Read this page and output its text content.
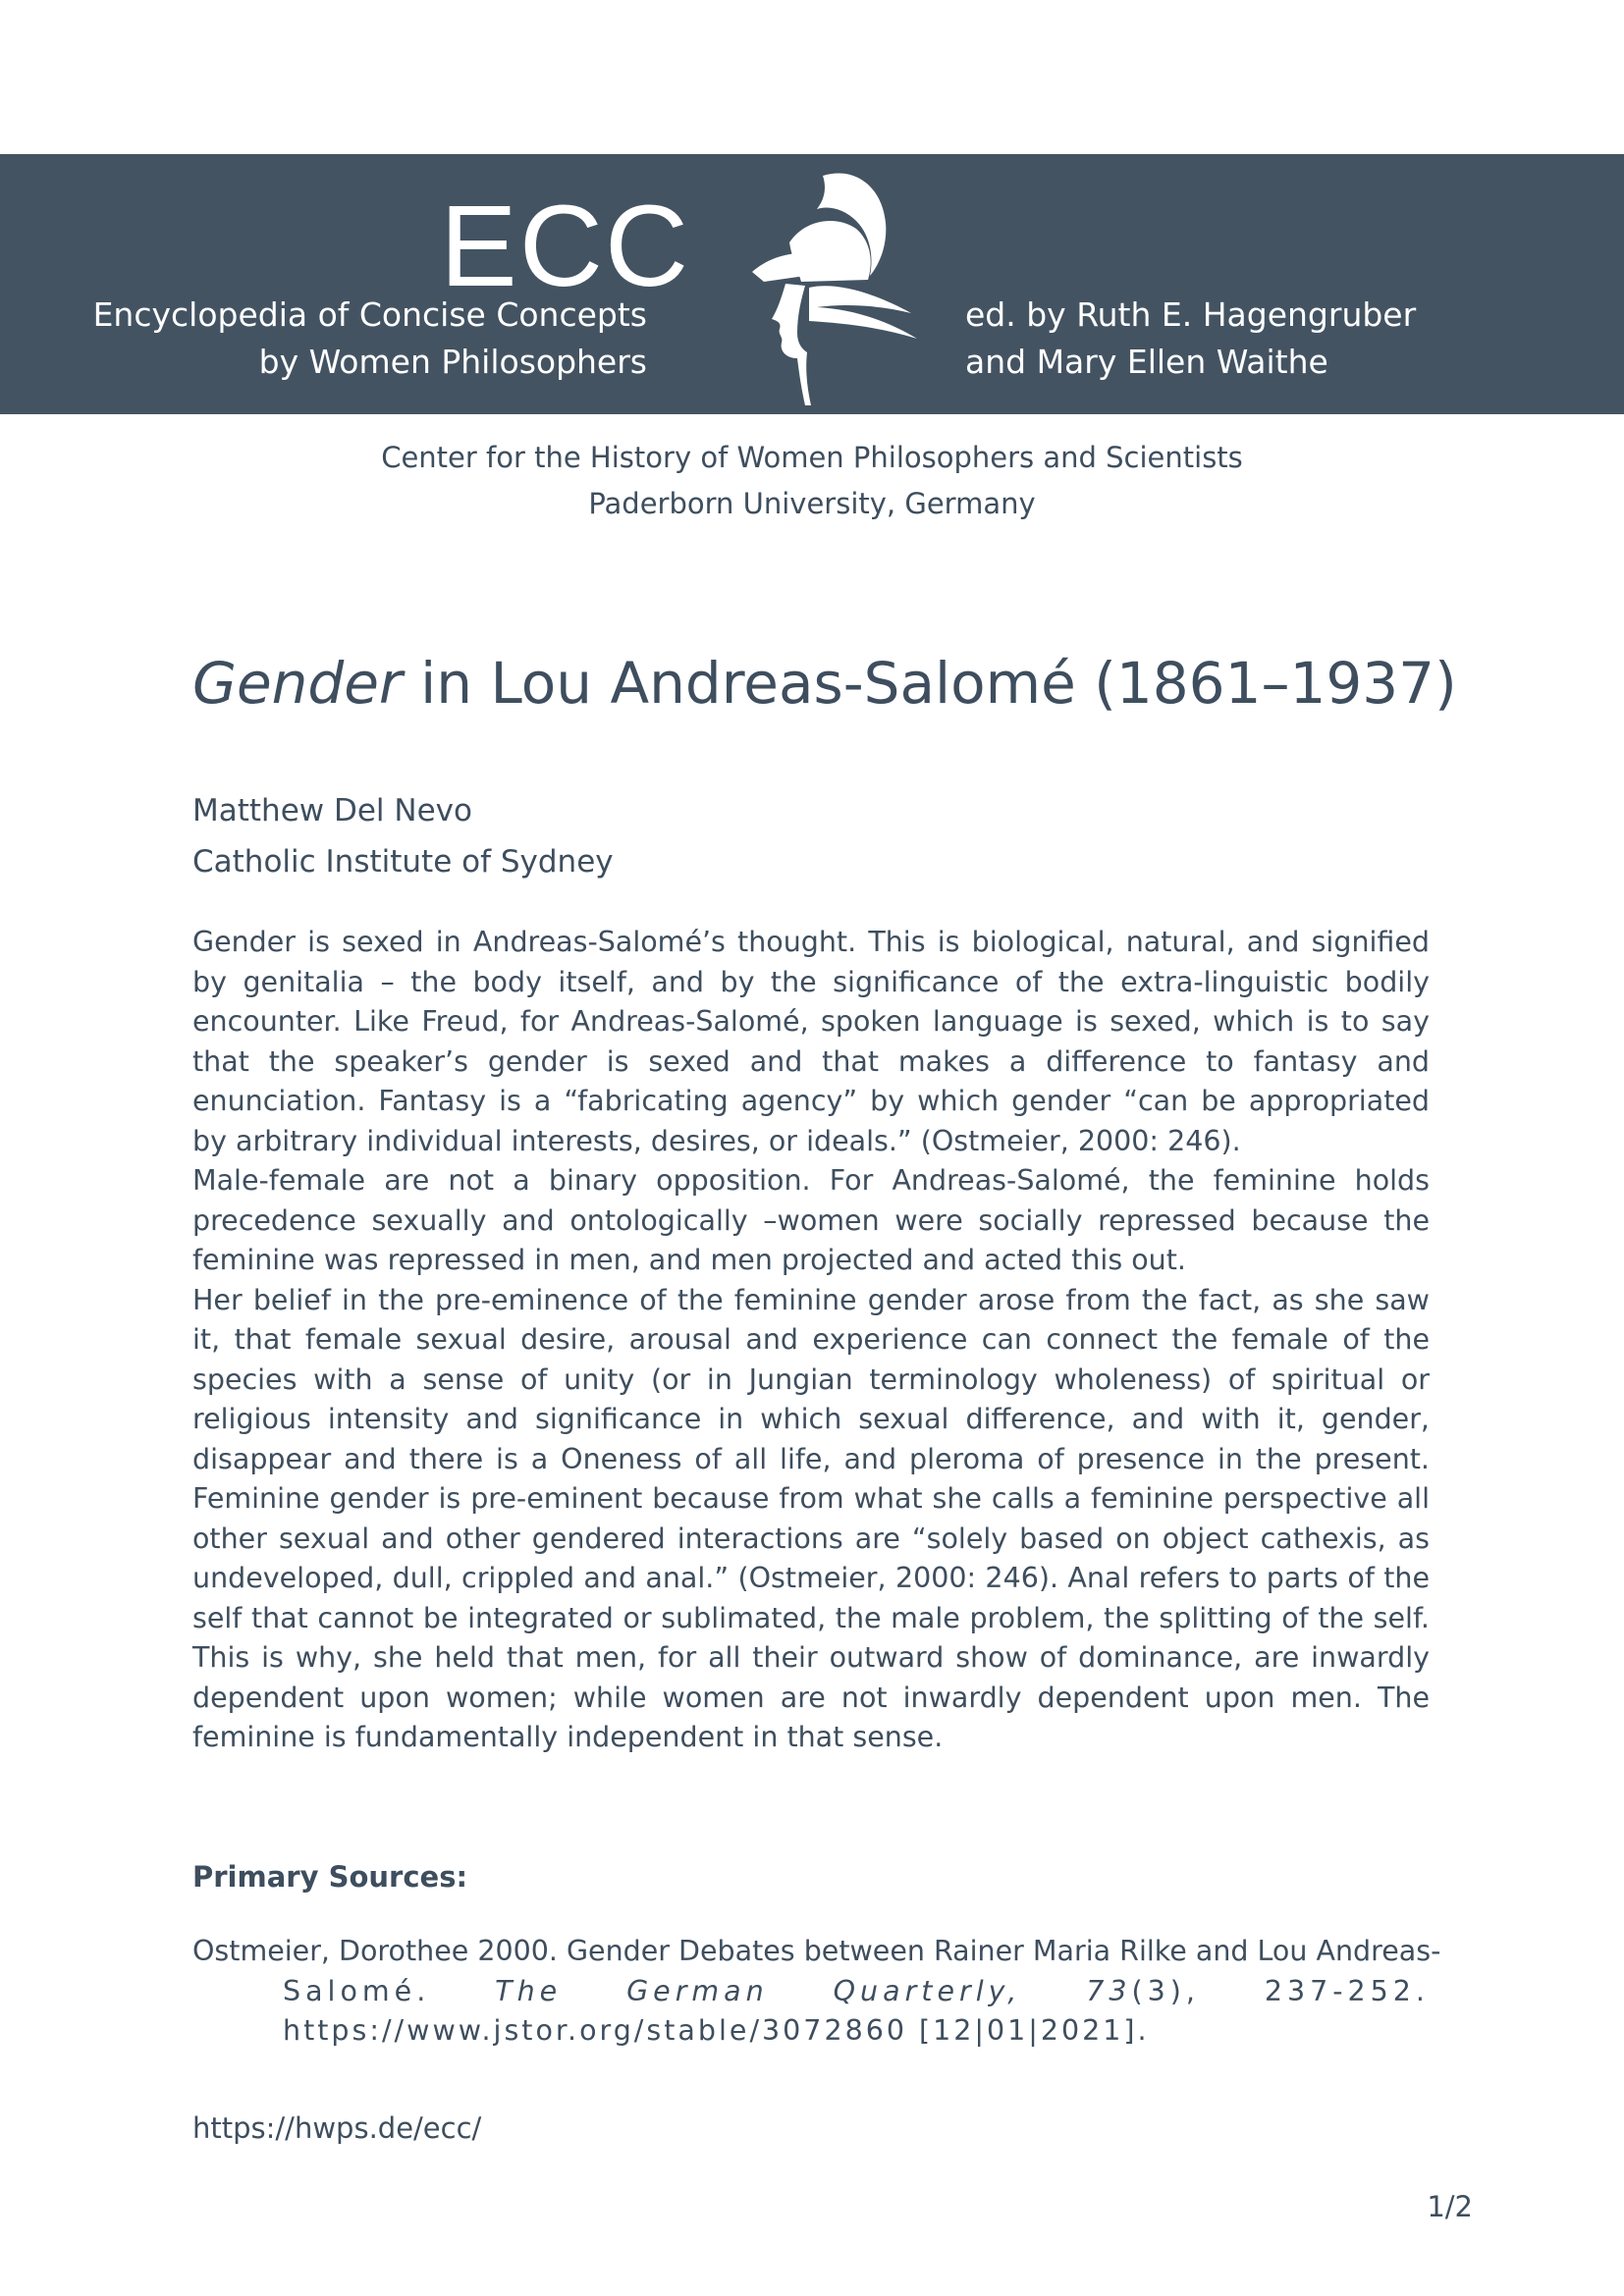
ECC
Encyclopedia of Concise Concepts
by Women Philosophers
ed. by Ruth E. Hagengruber
and Mary Ellen Waithe
Center for the History of Women Philosophers and Scientists
Paderborn University, Germany
Gender in Lou Andreas-Salomé (1861–1937)
Matthew Del Nevo
Catholic Institute of Sydney

Gender is sexed in Andreas-Salomé’s thought. This is biological, natural, and signified by genitalia – the body itself, and by the significance of the extra-linguistic bodily encounter. Like Freud, for Andreas-Salomé, spoken language is sexed, which is to say that the speaker’s gender is sexed and that makes a difference to fantasy and enunciation. Fantasy is a “fabricating agency” by which gender “can be appropriated by arbitrary individual interests, desires, or ideals.” (Ostmeier, 2000: 246).

Male-female are not a binary opposition. For Andreas-Salomé, the feminine holds precedence sexually and ontologically –women were socially repressed because the feminine was repressed in men, and men projected and acted this out.

Her belief in the pre-eminence of the feminine gender arose from the fact, as she saw it, that female sexual desire, arousal and experience can connect the female of the species with a sense of unity (or in Jungian terminology wholeness) of spiritual or religious intensity and significance in which sexual difference, and with it, gender, disappear and there is a Oneness of all life, and pleroma of presence in the present. Feminine gender is pre-eminent because from what she calls a feminine perspective all other sexual and other gendered interactions are “solely based on object cathexis, as undeveloped, dull, crippled and anal.” (Ostmeier, 2000: 246). Anal refers to parts of the self that cannot be integrated or sublimated, the male problem, the splitting of the self. This is why, she held that men, for all their outward show of dominance, are inwardly dependent upon women; while women are not inwardly dependent upon men. The feminine is fundamentally independent in that sense.

Primary Sources:
Ostmeier, Dorothee 2000. Gender Debates between Rainer Maria Rilke and Lou Andreas-
Salomé. The German Quarterly, 73(3), 237-252.
https://www.jstor.org/stable/3072860 [12|01|2021].
https://hwps.de/ecc/
1/2
